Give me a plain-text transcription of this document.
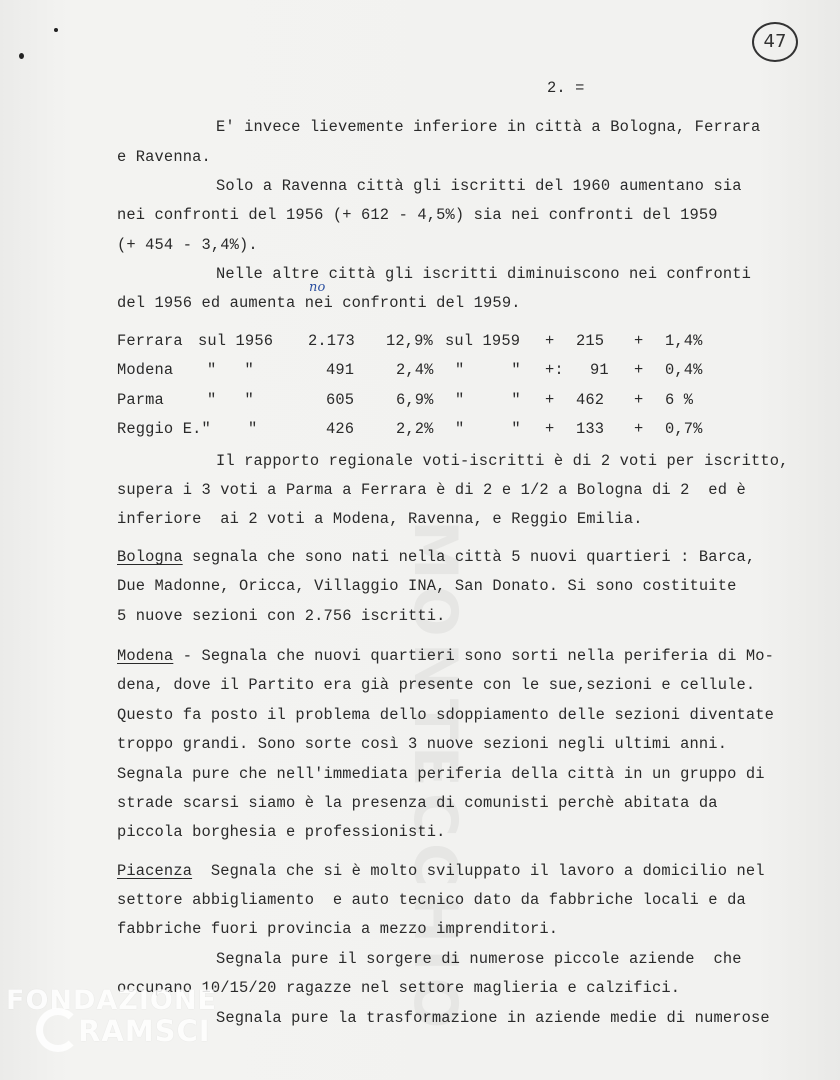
47
2. =
E' invece lievemente inferiore in città a Bologna, Ferrara
e Ravenna.
Solo a Ravenna città gli iscritti del 1960 aumentano sia
nei confronti del 1956 (+ 612 - 4,5%) sia nei confronti del 1959
(+ 454 - 3,4%).
Nelle altre città gli iscritti diminuiscono nei confronti
del 1956 ed aumenta nei confronti del 1959.
no
Ferrara sul 1956 2.173 12,9% sul 1959 + 215 + 1,4%
Modena "   "	491	2,4% "     " +: 91 + 0,4%
Parma	"   "	605	6,9% "     " + 462 + 6 %
Reggio E." "	426	2,2% "     " + 133 + 0,7%
Il rapporto regionale voti-iscritti è di 2 voti per iscritto,
supera i 3 voti a Parma a Ferrara è di 2 e 1/2 a Bologna di 2  ed è
inferiore  ai 2 voti a Modena, Ravenna, e Reggio Emilia.
Bologna segnala che sono nati nella città 5 nuovi quartieri : Barca,
Due Madonne, Oricca, Villaggio INA, San Donato. Si sono costituite
5 nuove sezioni con 2.756 iscritti.
Modena - Segnala che nuovi quartieri sono sorti nella periferia di Mo-
dena, dove il Partito era già presente con le sue,sezioni e cellule.
Questo fa posto il problema dello sdoppiamento delle sezioni diventate
troppo grandi. Sono sorte così 3 nuove sezioni negli ultimi anni.
Segnala pure che nell'immediata periferia della città in un gruppo di
strade scarsi siamo è la presenza di comunisti perchè abitata da
piccola borghesia e professionisti.
Piacenza  Segnala che si è molto sviluppato il lavoro a domicilio nel
settore abbigliamento  e auto tecnico dato da fabbriche locali e da
fabbriche fuori provincia a mezzo imprenditori.
Segnala pure il sorgere di numerose piccole aziende  che
occupano 10/15/20 ragazze nel settore maglieria e calzifici.
Segnala pure la trasformazione in aziende medie di numerose
FONDAZIONE
RAMSCI
